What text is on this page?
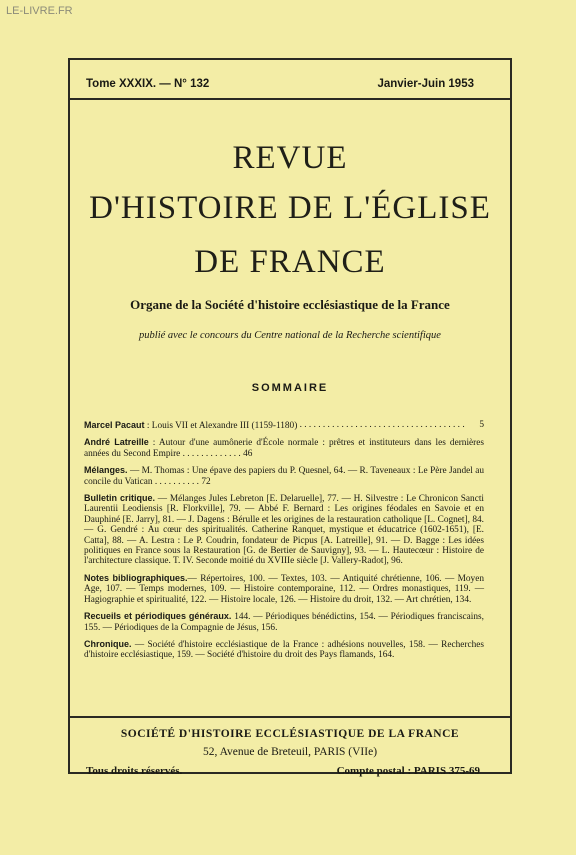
LE-LIVRE.FR
Tome XXXIX. — N° 132	Janvier-Juin 1953
REVUE
D'HISTOIRE DE L'ÉGLISE
DE FRANCE
Organe de la Société d'histoire ecclésiastique de la France
publié avec le concours du Centre national de la Recherche scientifique
SOMMAIRE
Marcel Pacaut : Louis VII et Alexandre III (1159-1180) . . . . . . . . . . . . . . . . . . . . . . . . . . . . . . . . . . . .	5
André Latreille : Autour d'une aumônerie d'École normale : prêtres et instituteurs dans les dernières années du Second Empire . . . . . . . . . . . . . 46
Mélanges. — M. Thomas : Une épave des papiers du P. Quesnel, 64. — R. Taveneaux : Le Père Jandel au concile du Vatican . . . . . . . . . . 72
Bulletin critique. — Mélanges Jules Lebreton [E. Delaruelle], 77. — H. Silvestre : Le Chronicon Sancti Laurentii Leodiensis [R. Florkville], 79. — Abbé F. Bernard : Les origines féodales en Savoie et en Dauphiné [E. Jarry], 81. — J. Dagens : Bérulle et les origines de la restauration catholique [L. Cognet], 84. — G. Gendré : Au cœur des spiritualités. Catherine Ranquet, mystique et éducatrice (1602-1651), [E. Catta], 88. — A. Lestra : Le P. Coudrin, fondateur de Picpus [A. Latreille], 91. — D. Bagge : Les idées politiques en France sous la Restauration [G. de Bertier de Sauvigny], 93. — L. Hautecœur : Histoire de l'architecture classique. T. IV. Seconde moitié du XVIIIe siècle [J. Vallery-Radot], 96.
Notes bibliographiques.— Répertoires, 100. — Textes, 103. — Antiquité chrétienne, 106. — Moyen Age, 107. — Temps modernes, 109. — Histoire contemporaine, 112. — Ordres monastiques, 119. — Hagiographie et spiritualité, 122. — Histoire locale, 126. — Histoire du droit, 132. — Art chrétien, 134.
Recueils et périodiques généraux. 144. — Périodiques bénédictins, 154. — Périodiques franciscains, 155. — Périodiques de la Compagnie de Jésus, 156.
Chronique. — Société d'histoire ecclésiastique de la France : adhésions nouvelles, 158. — Recherches d'histoire ecclésiastique, 159. — Société d'histoire du droit des Pays flamands, 164.
SOCIÉTÉ D'HISTOIRE ECCLÉSIASTIQUE DE LA FRANCE
52, Avenue de Breteuil, PARIS (VIIe)
Tous droits réservés.	Compte postal : PARIS 375-69
